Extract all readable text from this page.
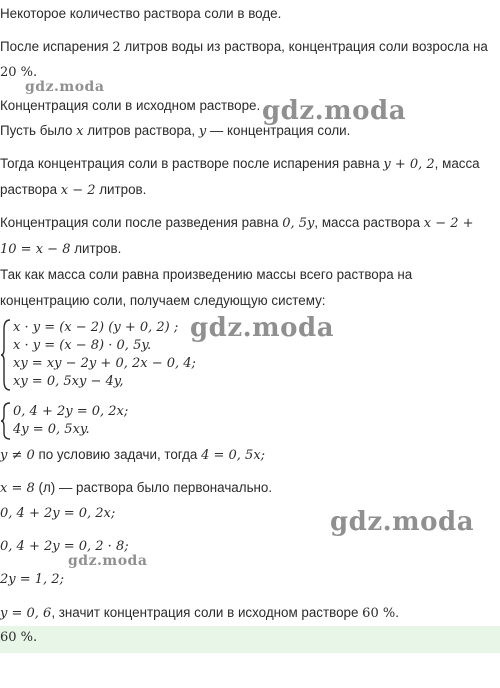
Некоторое количество раствора соли в воде.
После испарения 2 литров воды из раствора, концентрация соли возросла на
20 %.
Концентрация соли в исходном растворе.
Пусть было x литров раствора, y — концентрация соли.
Тогда концентрация соли в растворе после испарения равна y + 0, 2, масса
раствора x − 2 литров.
Концентрация соли после разведения равна 0, 5y, масса раствора x − 2 +
10 = x − 8 литров.
Так как масса соли равна произведению массы всего раствора на
концентрацию соли, получаем следующую систему:
x · y = (x − 2) (y + 0, 2) ;
x · y = (x − 8) · 0, 5y.
xy = xy − 2y + 0, 2x − 0, 4;
xy = 0, 5xy − 4y,
0, 4 + 2y = 0, 2x;
4y = 0, 5xy.
y ≠ 0 по условию задачи, тогда 4 = 0, 5x;
x = 8 (л) — раствора было первоначально.
0, 4 + 2y = 0, 2x;
0, 4 + 2y = 0, 2 · 8;
2y = 1, 2;
y = 0, 6, значит концентрация соли в исходном растворе 60 %.
60 %.
gdz.moda
gdz.moda
gdz.moda
gdz.moda
gdz.moda
